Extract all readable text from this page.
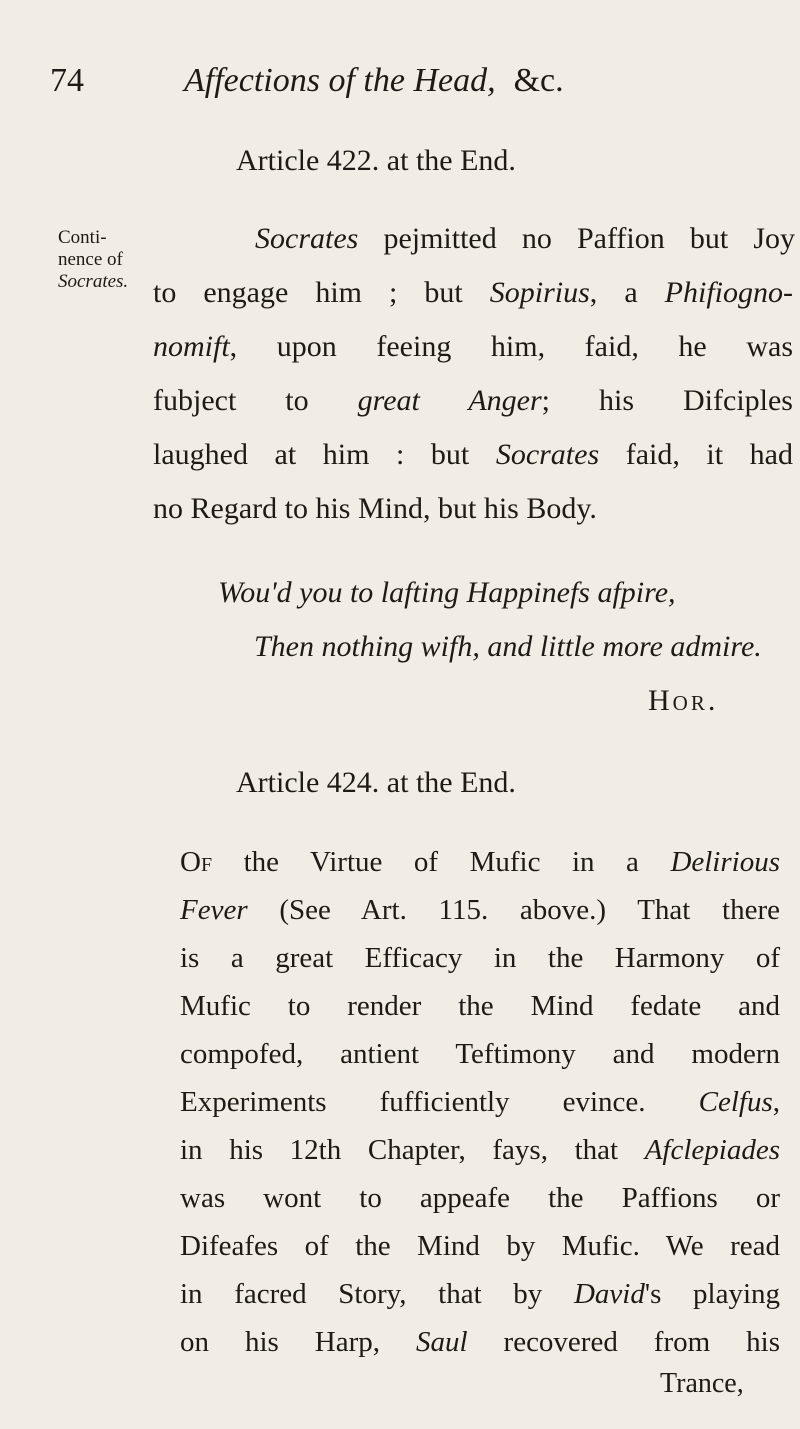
74	Affections of the Head, &c.
Article 422. at the End.
Conti-
nence of
Socrates.
Socrates pejmitted no Paffion but Joy
to engage him ; but Sopirius, a Phifiogno-
nomift, upon feeing him, faid, he was
fubject to great Anger; his Difciples
laughed at him : but Socrates faid, it had
no Regard to his Mind, but his Body.
Wou'd you to lafting Happinefs afpire,
Then nothing wifh, and little more admire.
Hor.
Article 424. at the End.
Of the Virtue of Mufic in a Delirious
Fever (See Art. 115. above.) That there
is a great Efficacy in the Harmony of
Mufic to render the Mind fedate and
compofed, antient Teftimony and modern
Experiments fufficiently evince. Celfus,
in his 12th Chapter, fays, that Afclepiades
was wont to appeafe the Paffions or
Difeafes of the Mind by Mufic. We read
in facred Story, that by David's playing
on his Harp, Saul recovered from his
Trance,
